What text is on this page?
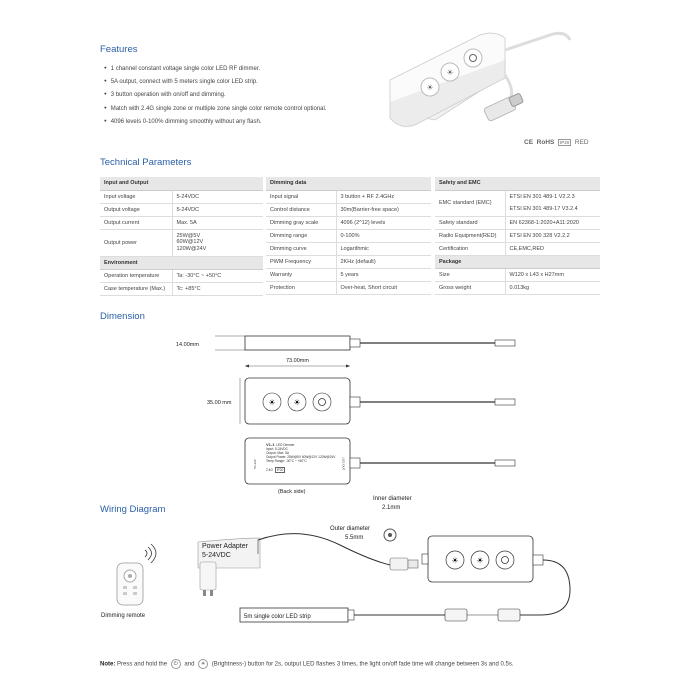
Features
● 1 channel constant voltage single color LED RF dimmer.
● 5A output, connect with 5 meters single color LED strip.
● 3 button operation with on/off and dimming.
● Match with 2.4G single zone or multiple zone single color remote control optional.
● 4096 levels 0-100% dimming smoothly without any flash.
☀
☀
CE RoHS IP20 RED
Technical Parameters
Input and Output	
Input voltage	5-24VDC
Output voltage	5-24VDC
Output current	Max. 5A
Output power	25W@5V
60W@12V
120W@24V

Environment	
Operation temperature	Ta: -30°C ~ +50°C
Case temperature (Max.)	Tc: +85°C
Dimming data	
Input signal	3 button + RF 2.4GHz
Control distance	30m(Barrier-free space)
Dimming gray scale	4096 (2^12) levels
Dimming range	0-100%
Dimming curve	Logarithmic
PWM Frequency	2KHz (default)
Warranty	5 years
Protection	Over-heat, Short circuit
Safety and EMC	
EMC standard (EMC)	ETSI EN 301 489-1 V2.2.3
ETSI EN 301 489-17 V3.2.4

Safety standard	EN 62368-1:2020+A11:2020
Radio Equipment(RED)	ETSI EN 300 328 V2.2.2
Certification	CE,EMC,RED
Package	
Size	W120 x L43 x H27mm
Gross weight	0.013kg
Dimension
☀ ☀
14.00mm
73.00mm
35.00 mm
V1-1 LED Dimmer
Input: 5-24VDC
Output: Max. 5A
Output Power: 25W@5V 60W@12V 120W@24V
Temp Range: -30°C ~ +50°C
2.4G IP20
5V-24V	LED OUT
(Back side)
Wiring Diagram
☀ ☀
Power Adapter
5-24VDC
Inner diameter
2.1mm
Outer diameter
5.5mm
Dimming remote	5m single color LED strip
Note: Press and hold the ⏻ and ☀ (Brightness-) button for 2s, output LED flashes 3 times, the light on/off fade time will change between 3s and 0.5s.
